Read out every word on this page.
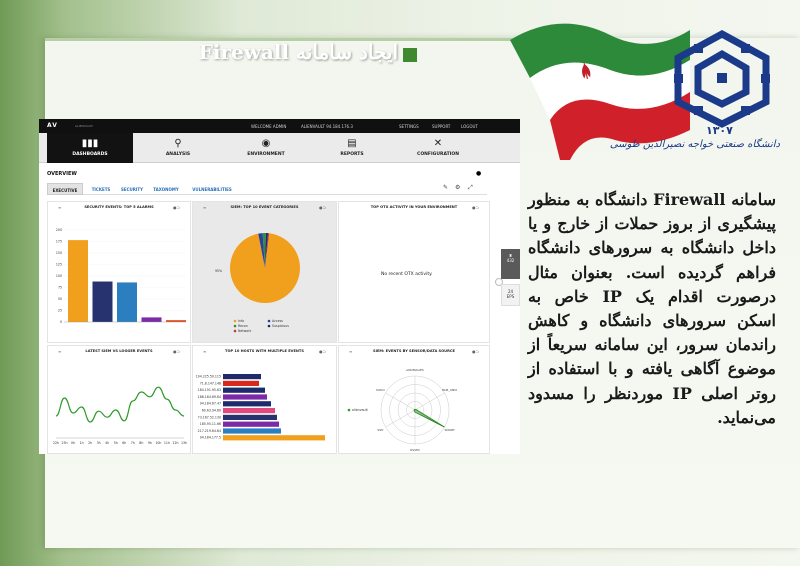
ایجاد سامانه Firewall
۱۳۰۷
دانشگاه صنعتی خواجه نصیرالدین طوسی
سامانه Firewall دانشگاه به منظور پیشگیری از بروز حملات از خارج و یا داخل دانشگاه به سرورهای دانشگاه فراهم گردیده است. بعنوان مثال درصورت اقدام یک IP خاص به اسکن سرورهای دانشگاه و کاهش راندمان سرور، این سامانه سریعاً از موضوع آگاهی یافته و با استفاده از روتر اصلی IP موردنظر را مسدود می‌نماید.
AV	ALIENVAULT	WELCOME ADMIN	ALIENVAULT 94.184.176.3	SETTINGS	SUPPORT	LOGOUT
▮▮▮
DASHBOARDS
⚲
ANALYSIS
◉
ENVIRONMENT
▤
REPORTS
✕
CONFIGURATION
OVERVIEW	●
EXECUTIVE	TICKETS	SECURITY	TAXONOMY	VULNERABILITIES	✎ ⚙ ⤢
SECURITY EVENTS: TOP 5 ALARMS
≡	●⊃
0
25
50
75
100
125
150
175
200
SIEM: TOP 10 EVENT CATEGORIES
≡	●⊃
95%
Info	Access
Recon	Suspicious
Network
TOP OTX ACTIVITY IN YOUR ENVIRONMENT	●⊃
No recent OTX activity.
♜
432
24
EPS
LATEST SIEM VS LOGGER EVENTS
≡	●⊃
22h 23h 0h 1h 2h 3h 4h 5h 6h 7h 8h 9h 10h 11h 12h 13h
TOP 10 HOSTS WITH MULTIPLE EVENTS
≡	●⊃
194.225.50.115
71.8.147.148
184.191.95.63
188.184.69.84
94.184.67.47
60.63.94.60
73.167.52.130
185.95.11.66
217.219.64.84
94.184.177.5
SIEM: EVENTS BY SENSOR/DATA SOURCE
≡	●⊃
ANOMALIES
PAM_UNIX
SNORT
OSSEC
SSH
SUDO
alienvault
